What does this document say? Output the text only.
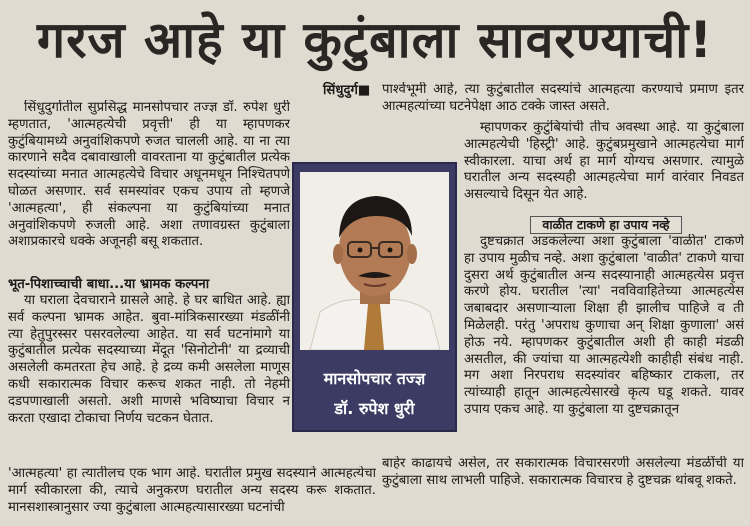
गरज आहे या कुटुंबाला सावरण्याची!
सिंधुदुर्ग■

सिंधुदुर्गातील सुप्रसिद्ध मानसोपचार तज्ज्ञ डॉ. रुपेश धुरी म्हणतात, 'आत्महत्येची प्रवृत्ती' ही या म्हापणकर कुटुंबियामध्ये अनुवांशिकपणे रुजत चालली आहे. या ना त्या कारणाने सदैव दबावाखाली वावरताना या कुटुंबातील प्रत्येक सदस्यांच्या मनात आत्महत्येचे विचार अधूनमधून निश्चितपणे घोळत असणार. सर्व समस्यांवर एकच उपाय तो म्हणजे 'आत्महत्या', ही संकल्पना या कुटुंबियांच्या मनात अनुवांशिकपणे रुजली आहे. अशा तणावग्रस्त कुटुंबाला अशाप्रकारचे धक्के अजूनही बसू शकतात.

भूत-पिशाच्चाची बाधा...या भ्रामक कल्पना

या घराला देवचाराने ग्रासले आहे. हे घर बाधित आहे. ह्या सर्व कल्पना भ्रामक आहेत. बुवा-मांत्रिकसारख्या मंडळींनी त्या हेतुपुरस्सर पसरवलेल्या आहेत. या सर्व घटनांमागे या कुटुंबातील प्रत्येक सदस्याच्या मेंदूत 'सिनोटोनी' या द्रव्याची असलेली कमतरता हेच आहे. हे द्रव्य कमी असलेला माणूस कधी सकारात्मक विचार करूच शकत नाही. तो नेहमी दडपणाखाली असतो. अशी माणसे भविष्याचा विचार न करता एखादा टोकाचा निर्णय चटकन घेतात.

'आत्महत्या' हा त्यातीलच एक भाग आहे. घरातील प्रमुख सदस्याने आत्महत्येचा मार्ग स्वीकारला की, त्याचे अनुकरण घरातील अन्य सदस्य करू शकतात. मानसशास्त्रानुसार ज्या कुटुंबाला आत्महत्यासारख्या घटनांची

पार्श्वभूमी आहे, त्या कुटुंबातील सदस्यांचे आत्महत्या करण्याचे प्रमाण इतर आत्महत्यांच्या घटनेपेक्षा आठ टक्के जास्त असते.

म्हापणकर कुटुंबियांची तीच अवस्था आहे. या कुटुंबाला आत्महत्येची 'हिस्ट्री' आहे. कुटुंबप्रमुखाने आत्महत्येचा मार्ग स्वीकारला. याचा अर्थ हा मार्ग योग्यच असणार. त्यामुळे घरातील अन्य सदस्यही आत्महत्येचा मार्ग वारंवार निवडत असल्याचे दिसून येत आहे.

वाळीत टाकणे हा उपाय नव्हे

दुष्टचक्रात अडकलेल्या अशा कुटुंबाला 'वाळीत' टाकणे हा उपाय मुळीच नव्हे. अशा कुटुंबाला 'वाळीत' टाकणे याचा दुसरा अर्थ कुटुंबातील अन्य सदस्यानाही आत्महत्येस प्रवृत्त करणे होय. घरातील 'त्या' नवविवाहितेच्या आत्महत्येस जबाबदार असणाऱ्याला शिक्षा ही झालीच पाहिजे व ती मिळेलही. परंतु 'अपराध कुणाचा अन् शिक्षा कुणाला' असं होऊ नये. म्हापणकर कुटुंबातील अशी ही काही मंडळी असतील, की ज्यांचा या आत्महत्येशी काहीही संबंध नाही. मग अशा निरपराध सदस्यांवर बहिष्कार टाकला, तर त्यांच्याही हातून आत्महत्येसारखे कृत्य घडू शकते. यावर उपाय एकच आहे. या कुटुंबाला या दुष्टचक्रातून

बाहेर काढायचे असेल, तर सकारात्मक विचारसरणी असलेल्या मंडळींची या कुटुंबाला साथ लाभली पाहिजे. सकारात्मक विचारच हे दुष्टचक्र थांबवू शकते.

मानसोपचार तज्ज्ञ
डॉ. रुपेश धुरी
